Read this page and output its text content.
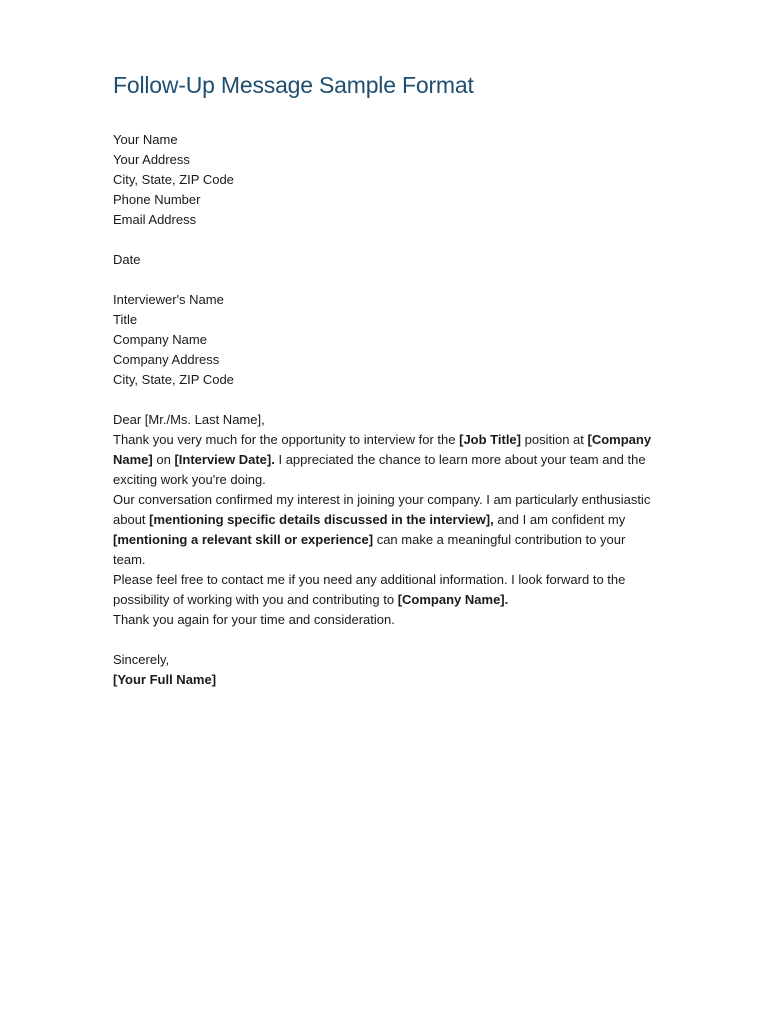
Follow-Up Message Sample Format
Your Name
Your Address
City, State, ZIP Code
Phone Number
Email Address
Date
Interviewer's Name
Title
Company Name
Company Address
City, State, ZIP Code
Dear [Mr./Ms. Last Name],

Thank you very much for the opportunity to interview for the [Job Title] position at [Company Name] on [Interview Date]. I appreciated the chance to learn more about your team and the exciting work you're doing.

Our conversation confirmed my interest in joining your company. I am particularly enthusiastic about [mentioning specific details discussed in the interview], and I am confident my [mentioning a relevant skill or experience] can make a meaningful contribution to your team.

Please feel free to contact me if you need any additional information. I look forward to the possibility of working with you and contributing to [Company Name].

Thank you again for your time and consideration.

Sincerely,
[Your Full Name]
